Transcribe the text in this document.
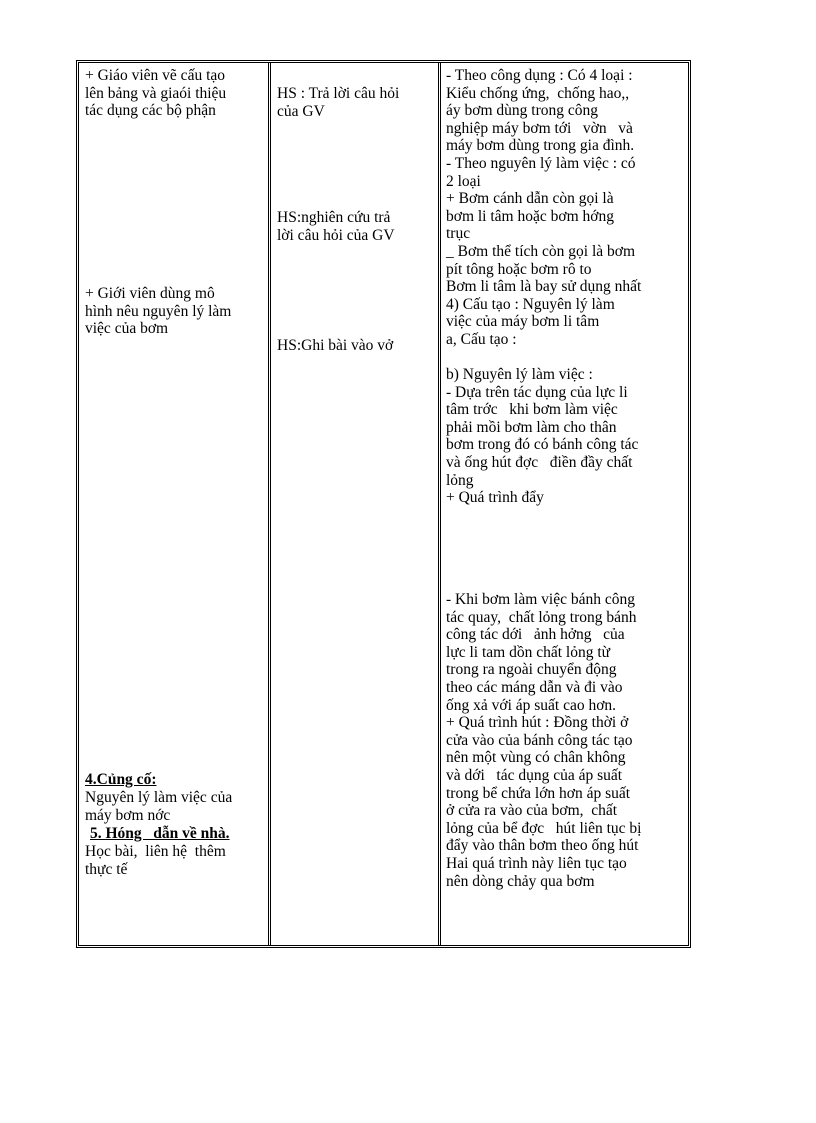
+ Giáo viên vẽ cấu tạo
lên bảng và giaói thiệu
tác dụng các bộ phận
+ Giới viên dùng mô
hình nêu nguyên lý làm
việc của bơm
4.Củng cố:
Nguyên lý làm việc của
máy bơm nớc
5. Hóng   dẫn về nhà.
Học bài,  liên hệ  thêm
thực tế
HS : Trả lời câu hỏi
của GV
HS:nghiên cứu trả
lời câu hỏi của GV
HS:Ghi bài vào vở
- Theo công dụng : Có 4 loại :
Kiểu chống ứng,  chống hao,,
áy bơm dùng trong công
nghiệp máy bơm tới   vờn   và
máy bơm dùng trong gia đình.
- Theo nguyên lý làm việc : có
2 loại
+ Bơm cánh dẫn còn gọi là
bơm li tâm hoặc bơm hớng
trục
_ Bơm thể tích còn gọi là bơm
pít tông hoặc bơm rô to
Bơm li tâm là bay sử dụng nhất
4) Cấu tạo : Nguyên lý làm
việc của máy bơm li tâm
a, Cấu tạo :

b) Nguyên lý làm việc :
- Dựa trên tác dụng của lực li
tâm trớc   khi bơm làm việc
phải mồi bơm làm cho thân
bơm trong đó có bánh công tác
và ống hút đợc   điền đầy chất
lỏng
+ Quá trình đẩy
- Khi bơm làm việc bánh công
tác quay,  chất lỏng trong bánh
công tác dới   ảnh hởng   của
lực li tam dồn chất lỏng từ
trong ra ngoài chuyển động
theo các máng dẫn và đi vào
ống xả với áp suất cao hơn.
+ Quá trình hút : Đồng thời ở
cửa vào của bánh công tác tạo
nên một vùng có chân không
và dới   tác dụng của áp suất
trong bể chứa lớn hơn áp suất
ở cửa ra vào của bơm,  chất
lỏng của bể đợc   hút liên tục bị
đẩy vào thân bơm theo ống hút
Hai quá trình này liên tục tạo
nên dòng chảy qua bơm
